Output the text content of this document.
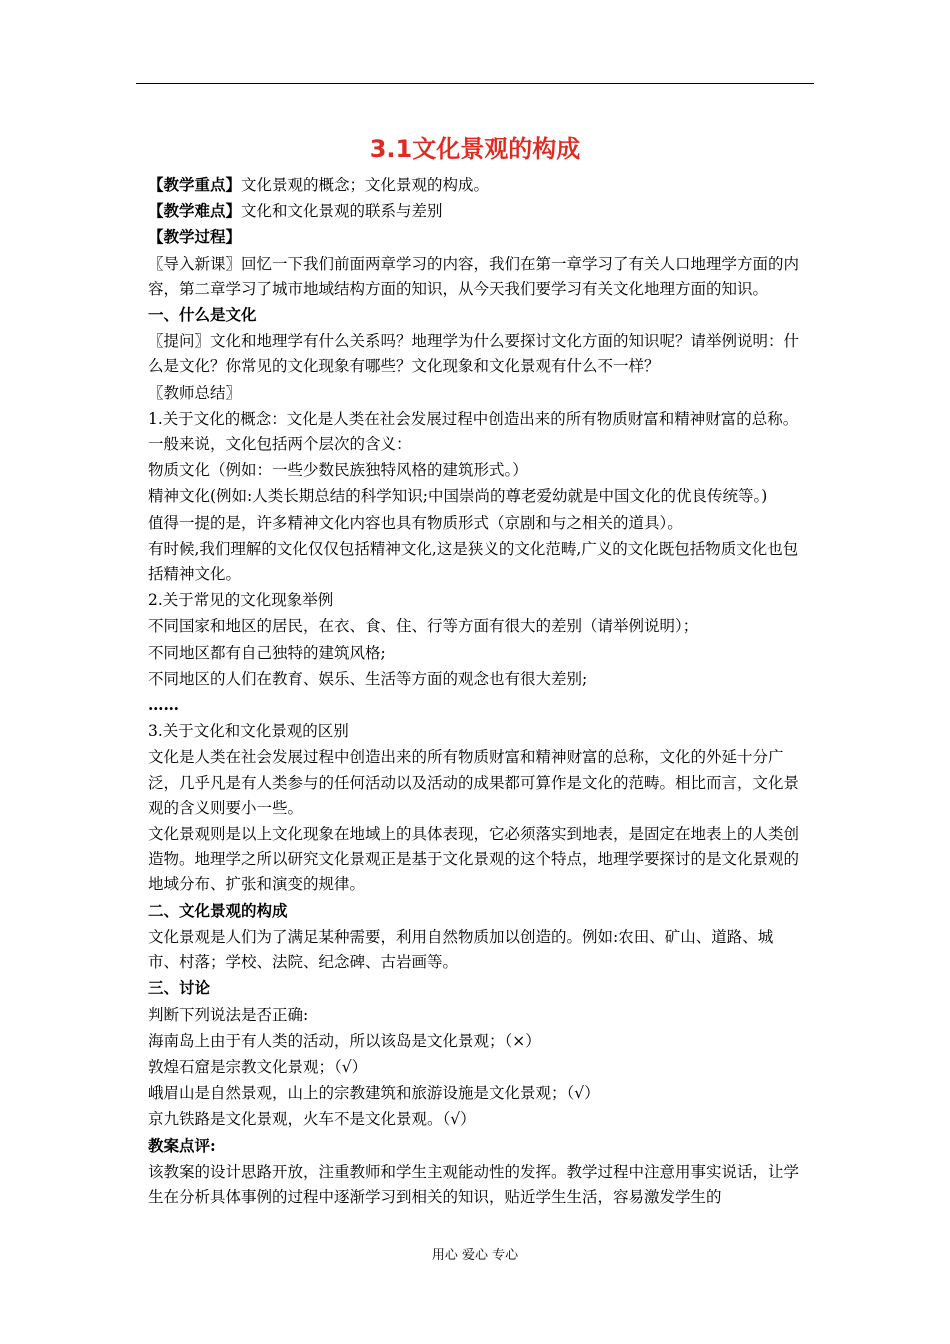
3.1文化景观的构成

【教学重点】文化景观的概念；文化景观的构成。

【教学难点】文化和文化景观的联系与差别

【教学过程】

〖导入新课〗回忆一下我们前面两章学习的内容，我们在第一章学习了有关人口地理学方面的内容，第二章学习了城市地域结构方面的知识，从今天我们要学习有关文化地理方面的知识。

一、什么是文化

〖提问〗文化和地理学有什么关系吗？地理学为什么要探讨文化方面的知识呢？请举例说明：什么是文化？你常见的文化现象有哪些？文化现象和文化景观有什么不一样？

〖教师总结〗

1.关于文化的概念：文化是人类在社会发展过程中创造出来的所有物质财富和精神财富的总称。一般来说，文化包括两个层次的含义：

物质文化（例如：一些少数民族独特风格的建筑形式。）

精神文化(例如:人类长期总结的科学知识;中国崇尚的尊老爱幼就是中国文化的优良传统等。)

值得一提的是，许多精神文化内容也具有物质形式（京剧和与之相关的道具）。

有时候,我们理解的文化仅仅包括精神文化,这是狭义的文化范畴,广义的文化既包括物质文化也包括精神文化。

2.关于常见的文化现象举例

不同国家和地区的居民，在衣、食、住、行等方面有很大的差别（请举例说明）；

不同地区都有自己独特的建筑风格;

不同地区的人们在教育、娱乐、生活等方面的观念也有很大差别;

……

3.关于文化和文化景观的区别

文化是人类在社会发展过程中创造出来的所有物质财富和精神财富的总称，文化的外延十分广泛，几乎凡是有人类参与的任何活动以及活动的成果都可算作是文化的范畴。相比而言，文化景观的含义则要小一些。

文化景观则是以上文化现象在地域上的具体表现，它必须落实到地表，是固定在地表上的人类创造物。地理学之所以研究文化景观正是基于文化景观的这个特点，地理学要探讨的是文化景观的地域分布、扩张和演变的规律。

二、文化景观的构成

文化景观是人们为了满足某种需要，利用自然物质加以创造的。例如:农田、矿山、道路、城市、村落；学校、法院、纪念碑、古岩画等。

三、讨论

判断下列说法是否正确:

海南岛上由于有人类的活动，所以该岛是文化景观；（×）

敦煌石窟是宗教文化景观；（√）

峨眉山是自然景观，山上的宗教建筑和旅游设施是文化景观；（√）

京九铁路是文化景观，火车不是文化景观。（√）

教案点评:

该教案的设计思路开放，注重教师和学生主观能动性的发挥。教学过程中注意用事实说话，让学生在分析具体事例的过程中逐渐学习到相关的知识，贴近学生生活，容易激发学生的

用心 爱心 专心
